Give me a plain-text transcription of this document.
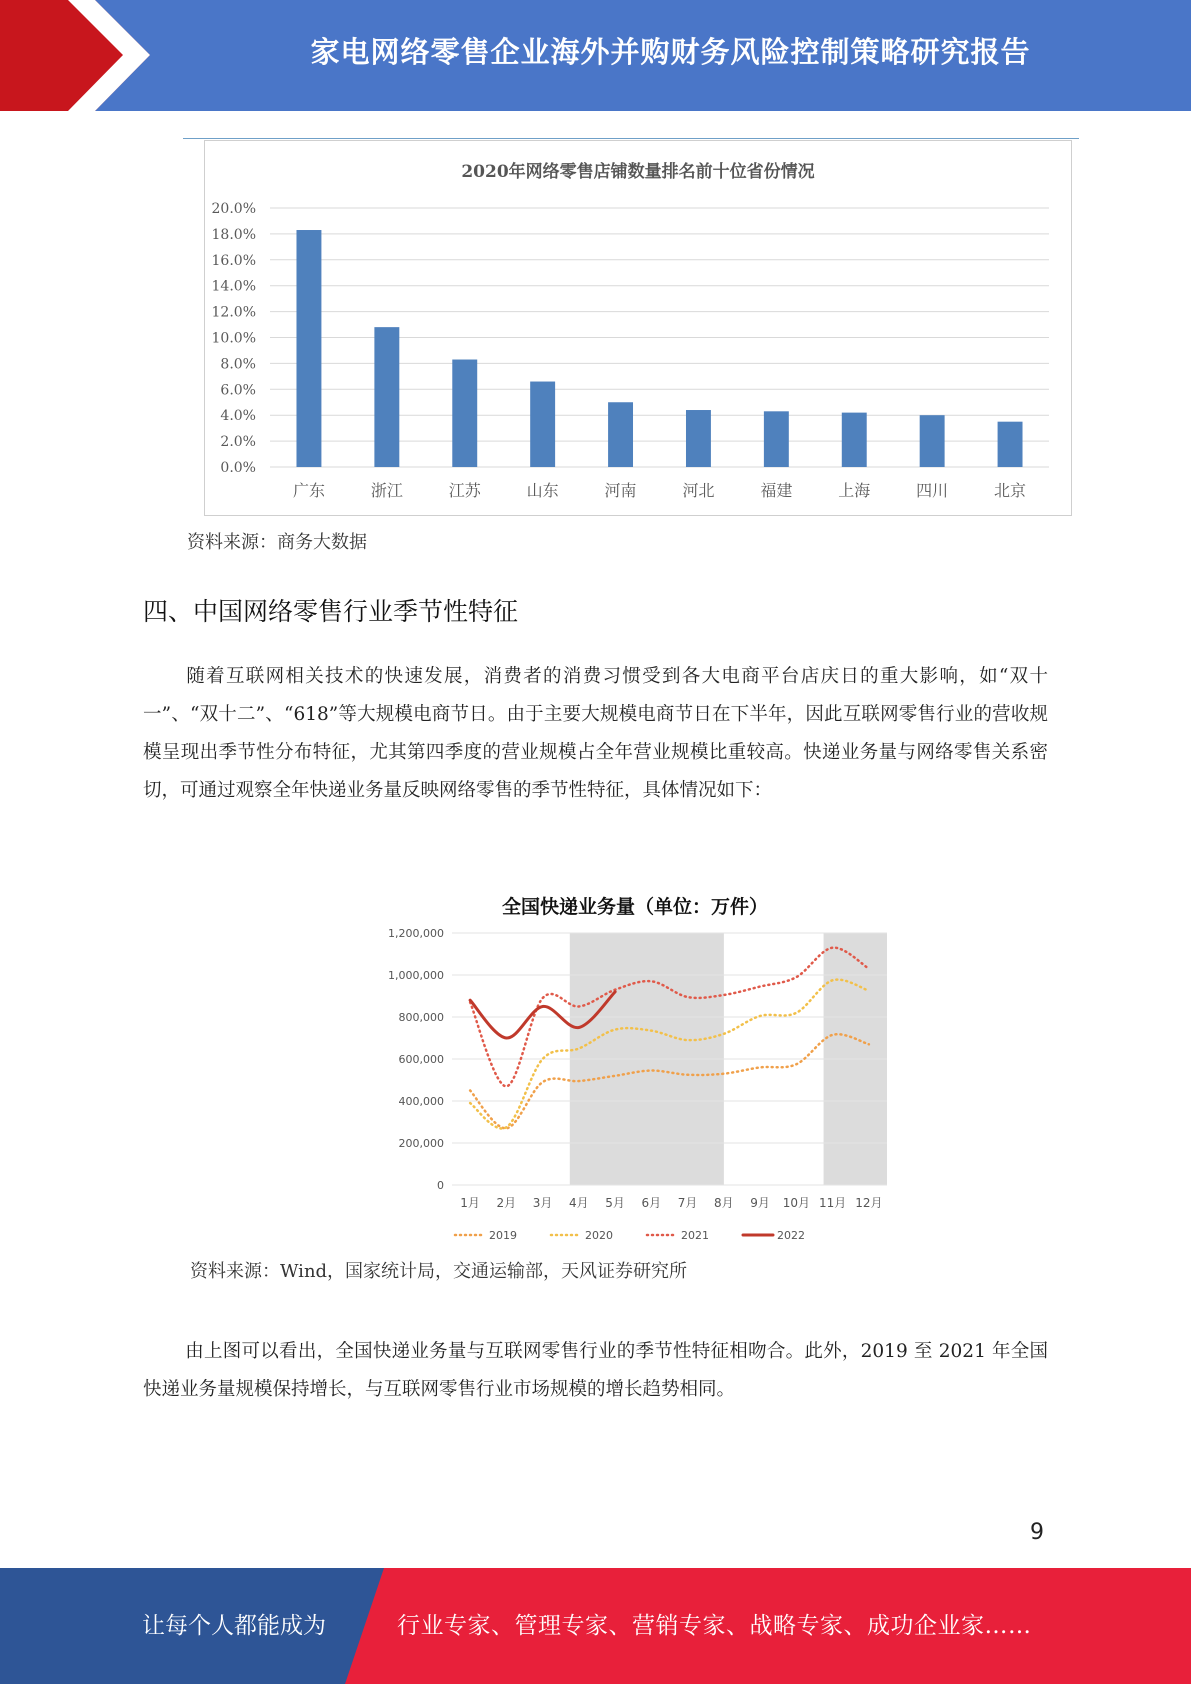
家电网络零售企业海外并购财务风险控制策略研究报告
2020年网络零售店铺数量排名前十位省份情况
0.0%
2.0%
4.0%
6.0%
8.0%
10.0%
12.0%
14.0%
16.0%
18.0%
20.0%
广东	浙江	江苏	山东	河南	河北	福建	上海	四川	北京
资料来源：商务大数据
四、中国网络零售行业季节性特征
随着互联网相关技术的快速发展，消费者的消费习惯受到各大电商平台店庆日的重大影响，如“双十一”、“双十二”、“618”等大规模电商节日。由于主要大规模电商节日在下半年，因此互联网零售行业的营收规模呈现出季节性分布特征，尤其第四季度的营业规模占全年营业规模比重较高。快递业务量与网络零售关系密切，可通过观察全年快递业务量反映网络零售的季节性特征，具体情况如下：
全国快递业务量（单位：万件）
0
200,000
400,000
600,000
800,000
1,000,000
1,200,000
1月 2月 3月 4月 5月 6月 7月 8月 9月 10月 11月 12月
2019	2020	2021	2022
资料来源：Wind，国家统计局，交通运输部，天风证券研究所
由上图可以看出，全国快递业务量与互联网零售行业的季节性特征相吻合。此外，2019 至 2021 年全国快递业务量规模保持增长，与互联网零售行业市场规模的增长趋势相同。
9
让每个人都能成为	行业专家、管理专家、营销专家、战略专家、成功企业家……
